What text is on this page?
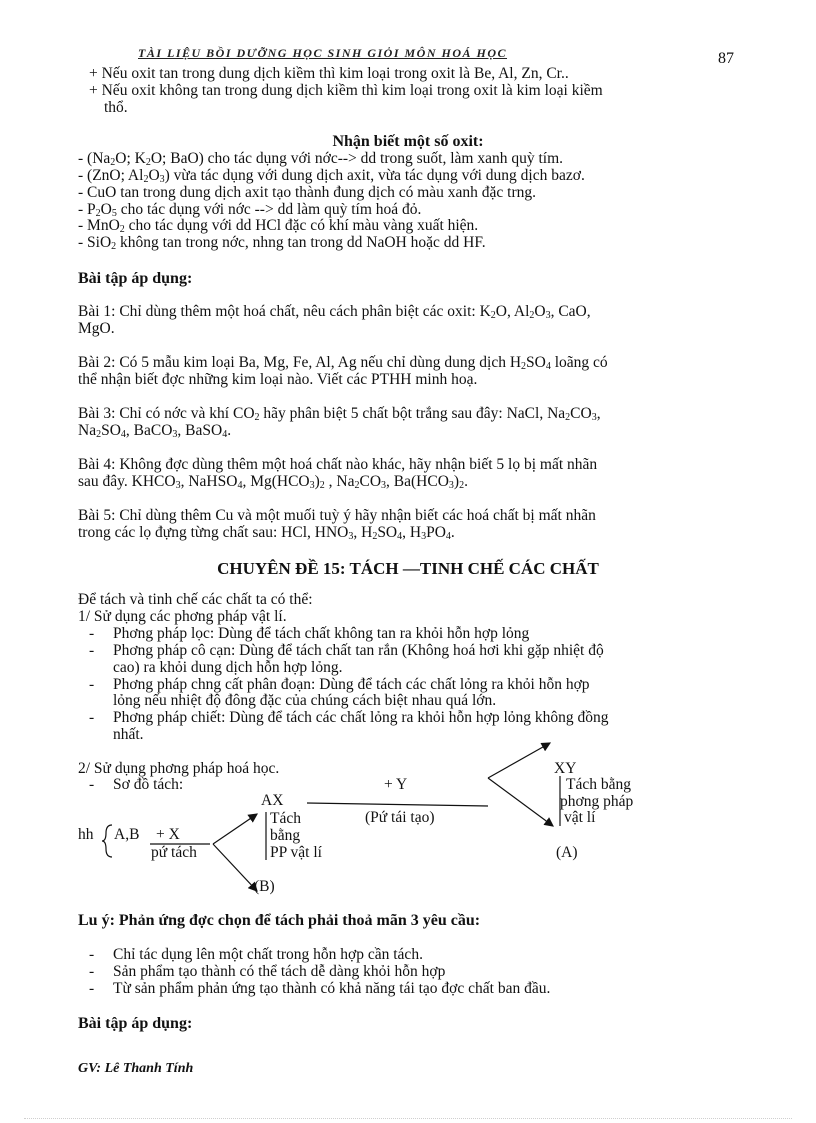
TÀI LIỆU BỒI DƯỠNG HỌC SINH GIỎI MÔN HOÁ HỌC	87
+ Nếu oxit tan trong dung dịch kiềm thì kim loại trong oxit là Be, Al, Zn, Cr..
+ Nếu oxit không tan trong dung dịch kiềm thì kim loại trong oxit là kim loại kiềm
thổ.
Nhận biết một số oxit:
- ($Na_2O$; $K_2O$; BaO) cho tác dụng với nớc--> dd trong suốt, làm xanh quỳ tím.
- (ZnO; $Al_2O_3$) vừa tác dụng với dung dịch axit, vừa tác dụng với dung dịch bazơ.
- CuO tan trong dung dịch axit tạo thành đung dịch có màu xanh đặc trng.
- $P_2O_5$ cho tác dụng với nớc --> dd làm quỳ tím hoá đỏ.
- MnO$_2$ cho tác dụng với dd HCl đặc có khí màu vàng xuất hiện.
- SiO$_2$ không tan trong nớc, nhng tan trong dd NaOH hoặc dd HF.
Bài tập áp dụng:
Bài 1: Chỉ dùng thêm một hoá chất, nêu cách phân biệt các oxit: $K_2O$, $Al_2O_3$, CaO,
MgO.
Bài 2: Có 5 mẫu kim loại Ba, Mg, Fe, Al, Ag nếu chỉ dùng dung dịch $H_2SO_4$ loãng có
thể nhận biết đợc những kim loại nào. Viết các PTHH minh hoạ.
Bài 3: Chỉ có nớc và khí $CO_2$ hãy phân biệt 5 chất bột trắng sau đây: NaCl, $Na_2CO_3$,
$Na_2SO_4$, BaCO$_3$, BaSO$_4$.
Bài 4: Không đợc dùng thêm một hoá chất nào khác, hãy nhận biết 5 lọ bị mất nhãn
sau đây. $KHCO_3$, NaHSO$_4$, $Mg(HCO_3)_2$ , $Na_2CO_3$, $Ba(HCO_3)_2$.
Bài 5: Chỉ dùng thêm Cu và một muối tuỳ ý hãy nhận biết các hoá chất bị mất nhãn
trong các lọ đựng từng chất sau: HCl, $HNO_3$, $H_2SO_4$, $H_3PO_4$.
CHUYÊN ĐỀ 15: TÁCH —TINH CHẾ CÁC CHẤT
Để tách và tinh chế các chất ta có thể:
1/ Sử dụng các phơng pháp vật lí.
- Phơng pháp lọc: Dùng để tách chất không tan ra khỏi hỗn hợp lỏng
- Phơng pháp cô cạn: Dùng để tách chất tan rắn (Không hoá hơi khi gặp nhiệt độ
cao) ra khỏi dung dịch hỗn hợp lỏng.
- Phơng pháp chng cất phân đoạn: Dùng để tách các chất lỏng ra khỏi hỗn hợp
lỏng nếu nhiệt độ đông đặc của chúng cách biệt nhau quá lớn.
- Phơng pháp chiết: Dùng để tách các chất lỏng ra khỏi hỗn hợp lỏng không đồng
nhất.
2/ Sử dụng phơng pháp hoá học.
- Sơ đồ tách:
hh A,B + X
pứ tách
AX
+ Y
(Pứ tái tạo)
Tách
bằng
PP vật lí
(B)
XY
Tách bằng
phơng pháp
vật lí
(A)
Lu ý: Phản ứng đợc chọn để tách phải thoả mãn 3 yêu cầu:
- Chỉ tác dụng lên một chất trong hỗn hợp cần tách.
- Sản phẩm tạo thành có thể tách dễ dàng khỏi hỗn hợp
- Từ sản phẩm phản ứng tạo thành có khả năng tái tạo đợc chất ban đầu.
Bài tập áp dụng:
GV: Lê Thanh Tính
